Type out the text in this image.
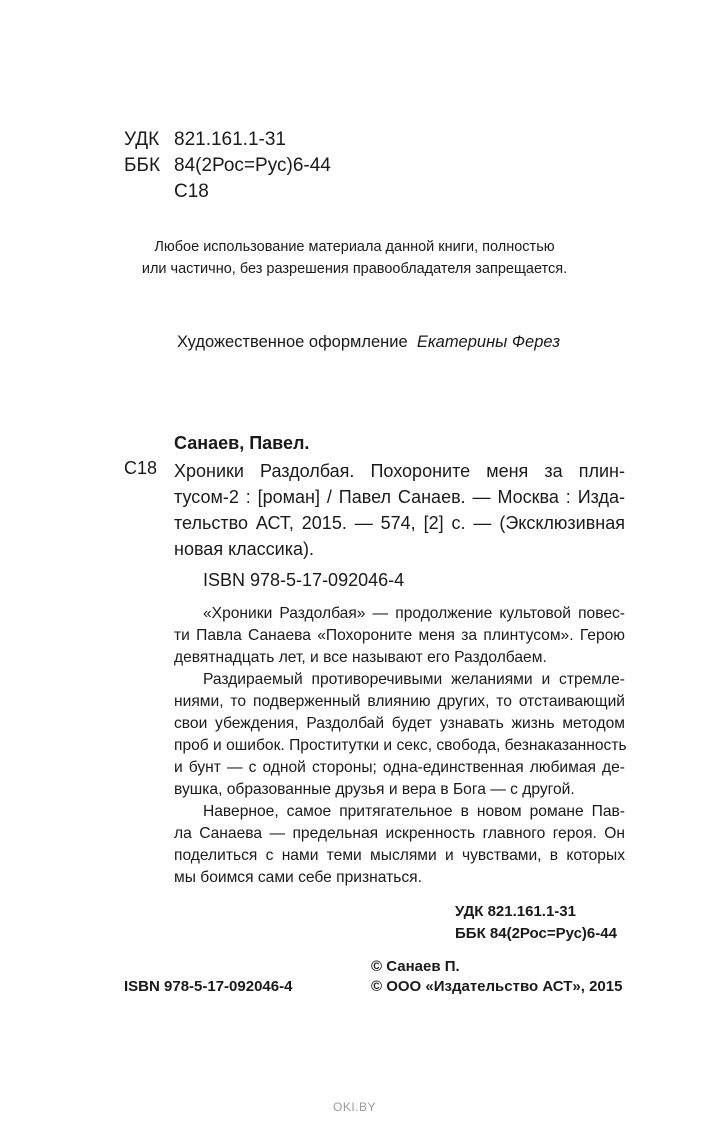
УДК 821.161.1-31
ББК 84(2Рос=Рус)6-44
С18
Любое использование материала данной книги, полностью
или частично, без разрешения правообладателя запрещается.
Художественное оформление Екатерины Ферез
Санаев, Павел.
С18 Хроники Раздолбая. Похороните меня за плин-
тусом-2 : [роман] / Павел Санаев. — Москва : Изда-
тельство АСТ, 2015. — 574, [2] с. — (Эксклюзивная
новая классика).
ISBN 978-5-17-092046-4
«Хроники Раздолбая» — продолжение культовой повес-
ти Павла Санаева «Похороните меня за плинтусом». Герою
девятнадцать лет, и все называют его Раздолбаем.
Раздираемый противоречивыми желаниями и стремле-
ниями, то подверженный влиянию других, то отстаивающий
свои убеждения, Раздолбай будет узнавать жизнь методом
проб и ошибок. Проститутки и секс, свобода, безнаказанность
и бунт — с одной стороны; одна-единственная любимая де-
вушка, образованные друзья и вера в Бога — с другой.
Наверное, самое притягательное в новом романе Пав-
ла Санаева — предельная искренность главного героя. Он
поделиться с нами теми мыслями и чувствами, в которых
мы боимся сами себе признаться.
УДК 821.161.1-31
ББК 84(2Рос=Рус)6-44
© Санаев П.
ISBN 978-5-17-092046-4	© ООО «Издательство АСТ», 2015
OKI.BY
